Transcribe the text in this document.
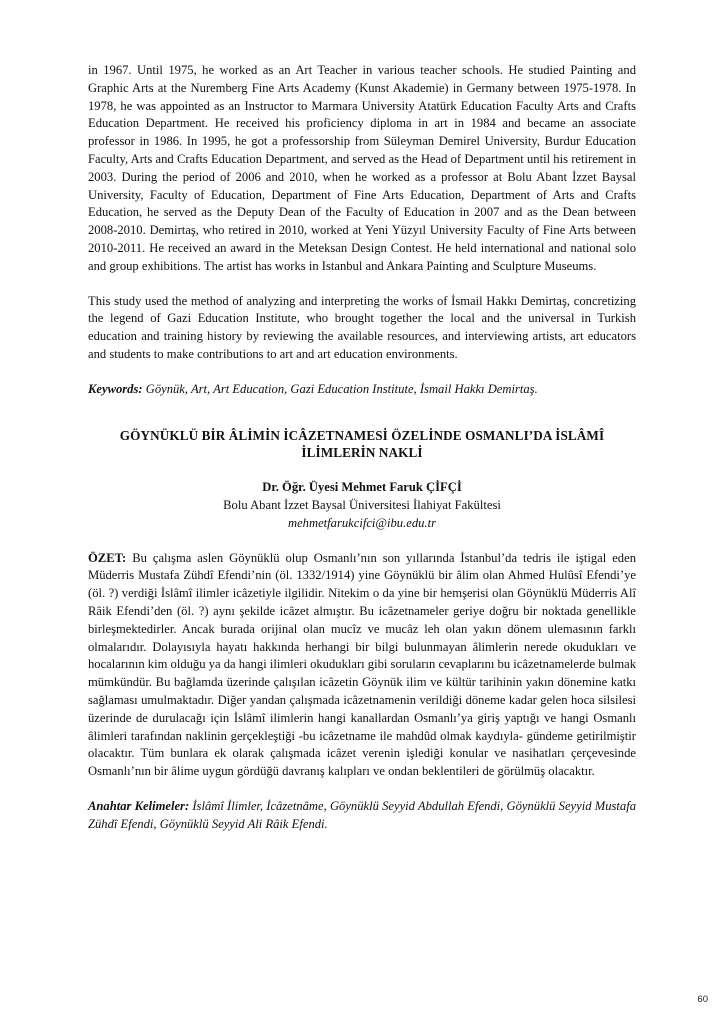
in 1967. Until 1975, he worked as an Art Teacher in various teacher schools. He studied Painting and Graphic Arts at the Nuremberg Fine Arts Academy (Kunst Akademie) in Germany between 1975-1978. In 1978, he was appointed as an Instructor to Marmara University Atatürk Education Faculty Arts and Crafts Education Department. He received his proficiency diploma in art in 1984 and became an associate professor in 1986. In 1995, he got a professorship from Süleyman Demirel University, Burdur Education Faculty, Arts and Crafts Education Department, and served as the Head of Department until his retirement in 2003. During the period of 2006 and 2010, when he worked as a professor at Bolu Abant İzzet Baysal University, Faculty of Education, Department of Fine Arts Education, Department of Arts and Crafts Education, he served as the Deputy Dean of the Faculty of Education in 2007 and as the Dean between 2008-2010. Demirtaş, who retired in 2010, worked at Yeni Yüzyıl University Faculty of Fine Arts between 2010-2011. He received an award in the Meteksan Design Contest. He held international and national solo and group exhibitions. The artist has works in Istanbul and Ankara Painting and Sculpture Museums.

This study used the method of analyzing and interpreting the works of İsmail Hakkı Demirtaş, concretizing the legend of Gazi Education Institute, who brought together the local and the universal in Turkish education and training history by reviewing the available resources, and interviewing artists, art educators and students to make contributions to art and art education environments.

Keywords: Göynük, Art, Art Education, Gazi Education Institute, İsmail Hakkı Demirtaş.

GÖYNÜKLÜ BİR ÂLİMİN İCÂZETNAMESİ ÖZELİNDE OSMANLI’DA İSLÂMÎ
İLİMLERİN NAKLİ
Dr. Öğr. Üyesi Mehmet Faruk ÇİFÇİ
Bolu Abant İzzet Baysal Üniversitesi İlahiyat Fakültesi
mehmetfarukcifci@ibu.edu.tr

ÖZET: Bu çalışma aslen Göynüklü olup Osmanlı’nın son yıllarında İstanbul’da tedris ile iştigal eden Müderris Mustafa Zühdî Efendi’nin (öl. 1332/1914) yine Göynüklü bir âlim olan Ahmed Hulûsî Efendi’ye (öl. ?) verdiği İslâmî ilimler icâzetiyle ilgilidir. Nitekim o da yine bir hemşerisi olan Göynüklü Müderris Alî Râik Efendi’den (öl. ?) aynı şekilde icâzet almıştır. Bu icâzetnameler geriye doğru bir noktada genellikle birleşmektedirler. Ancak burada orijinal olan mucîz ve mucâz leh olan yakın dönem ulemasının farklı olmalarıdır. Dolayısıyla hayatı hakkında herhangi bir bilgi bulunmayan âlimlerin nerede okudukları ve hocalarının kim olduğu ya da hangi ilimleri okudukları gibi soruların cevaplarını bu icâzetnamelerde bulmak mümkündür. Bu bağlamda üzerinde çalışılan icâzetin Göynük ilim ve kültür tarihinin yakın dönemine katkı sağlaması umulmaktadır. Diğer yandan çalışmada icâzetnamenin verildiği döneme kadar gelen hoca silsilesi üzerinde de durulacağı için İslâmî ilimlerin hangi kanallardan Osmanlı’ya giriş yaptığı ve hangi Osmanlı âlimleri tarafından naklinin gerçekleştiği -bu icâzetname ile mahdûd olmak kaydıyla- gündeme getirilmiştir olacaktır. Tüm bunlara ek olarak çalışmada icâzet verenin işlediği konular ve nasihatları çerçevesinde Osmanlı’nın bir âlime uygun gördüğü davranış kalıpları ve ondan beklentileri de görülmüş olacaktır.

Anahtar Kelimeler: İslâmî İlimler, İcâzetnâme, Göynüklü Seyyid Abdullah Efendi, Göynüklü Seyyid Mustafa Zühdî Efendi, Göynüklü Seyyid Ali Râik Efendi.

60
